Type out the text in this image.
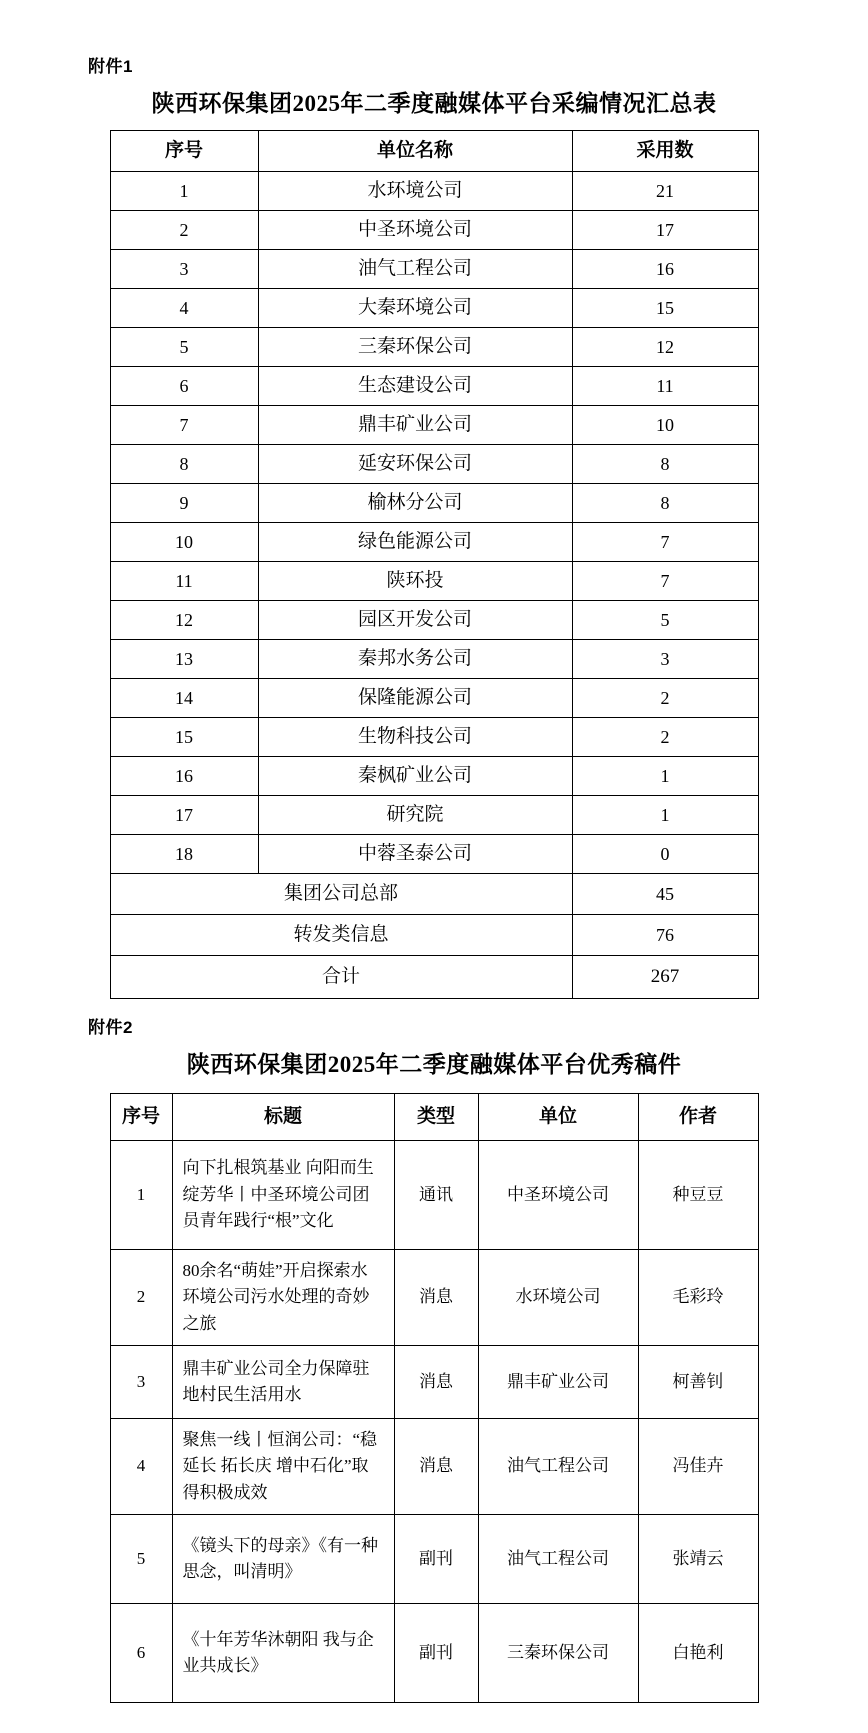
附件1
陕西环保集团2025年二季度融媒体平台采编情况汇总表
序号	单位名称	采用数
1	水环境公司	21
2	中圣环境公司	17
3	油气工程公司	16
4	大秦环境公司	15
5	三秦环保公司	12
6	生态建设公司	11
7	鼎丰矿业公司	10
8	延安环保公司	8
9	榆林分公司	8
10	绿色能源公司	7
11	陕环投	7
12	园区开发公司	5
13	秦邦水务公司	3
14	保隆能源公司	2
15	生物科技公司	2
16	秦枫矿业公司	1
17	研究院	1
18	中蓉圣泰公司	0
集团公司总部		45
转发类信息		76
合计		267
附件2
陕西环保集团2025年二季度融媒体平台优秀稿件
序号	标题	类型	单位	作者
1	向下扎根筑基业 向阳而生绽芳华丨中圣环境公司团员青年践行“根”文化	通讯	中圣环境公司	种豆豆
2	80余名“萌娃”开启探索水环境公司污水处理的奇妙之旅	消息	水环境公司	毛彩玲
3	鼎丰矿业公司全力保障驻地村民生活用水	消息	鼎丰矿业公司	柯善钊
4	聚焦一线丨恒润公司：“稳延长 拓长庆 增中石化”取得积极成效	消息	油气工程公司	冯佳卉
5	《镜头下的母亲》《有一种思念，叫清明》	副刊	油气工程公司	张靖云
6	《十年芳华沐朝阳 我与企业共成长》	副刊	三秦环保公司	白艳利
